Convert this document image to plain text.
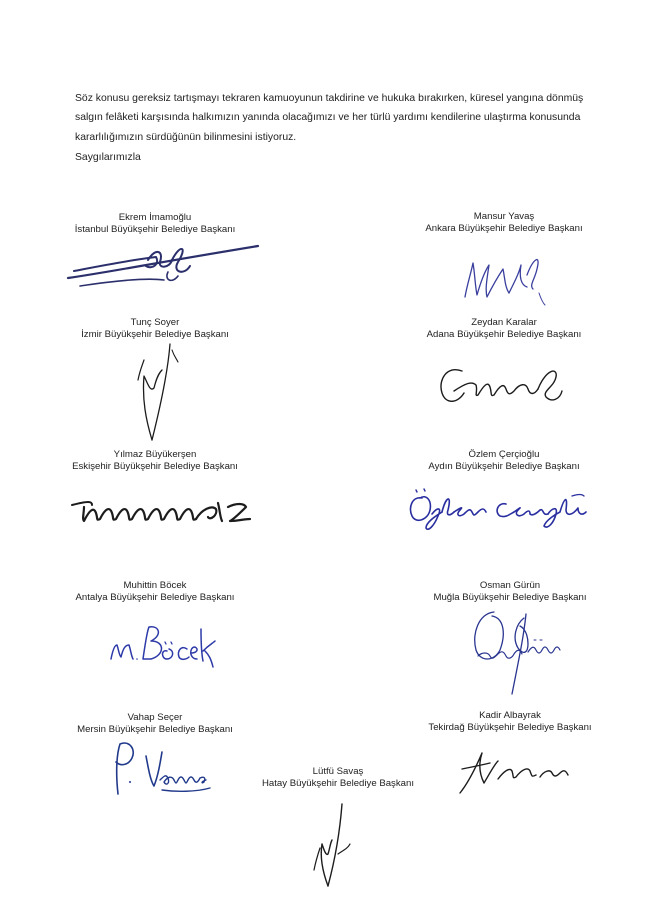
Söz konusu gereksiz tartışmayı tekraren kamuoyunun takdirine ve hukuka bırakırken, küresel yangına dönmüş salgın felâketi karşısında halkımızın yanında olacağımızı ve her türlü yardımı kendilerine ulaştırma konusunda kararlılığımızın sürdüğünün bilinmesini istiyoruz.

Saygılarımızla

Ekrem İmamoğlu
İstanbul Büyükşehir Belediye Başkanı
Mansur Yavaş
Ankara Büyükşehir Belediye Başkanı
Tunç Soyer
İzmir Büyükşehir Belediye Başkanı
Zeydan Karalar
Adana Büyükşehir Belediye Başkanı
Yılmaz Büyükerşen
Eskişehir Büyükşehir Belediye Başkanı
Özlem Çerçioğlu
Aydın Büyükşehir Belediye Başkanı
Muhittin Böcek
Antalya Büyükşehir Belediye Başkanı
Osman Gürün
Muğla Büyükşehir Belediye Başkanı
Vahap Seçer
Mersin Büyükşehir Belediye Başkanı
Kadir Albayrak
Tekirdağ Büyükşehir Belediye Başkanı
Lütfü Savaş
Hatay Büyükşehir Belediye Başkanı
